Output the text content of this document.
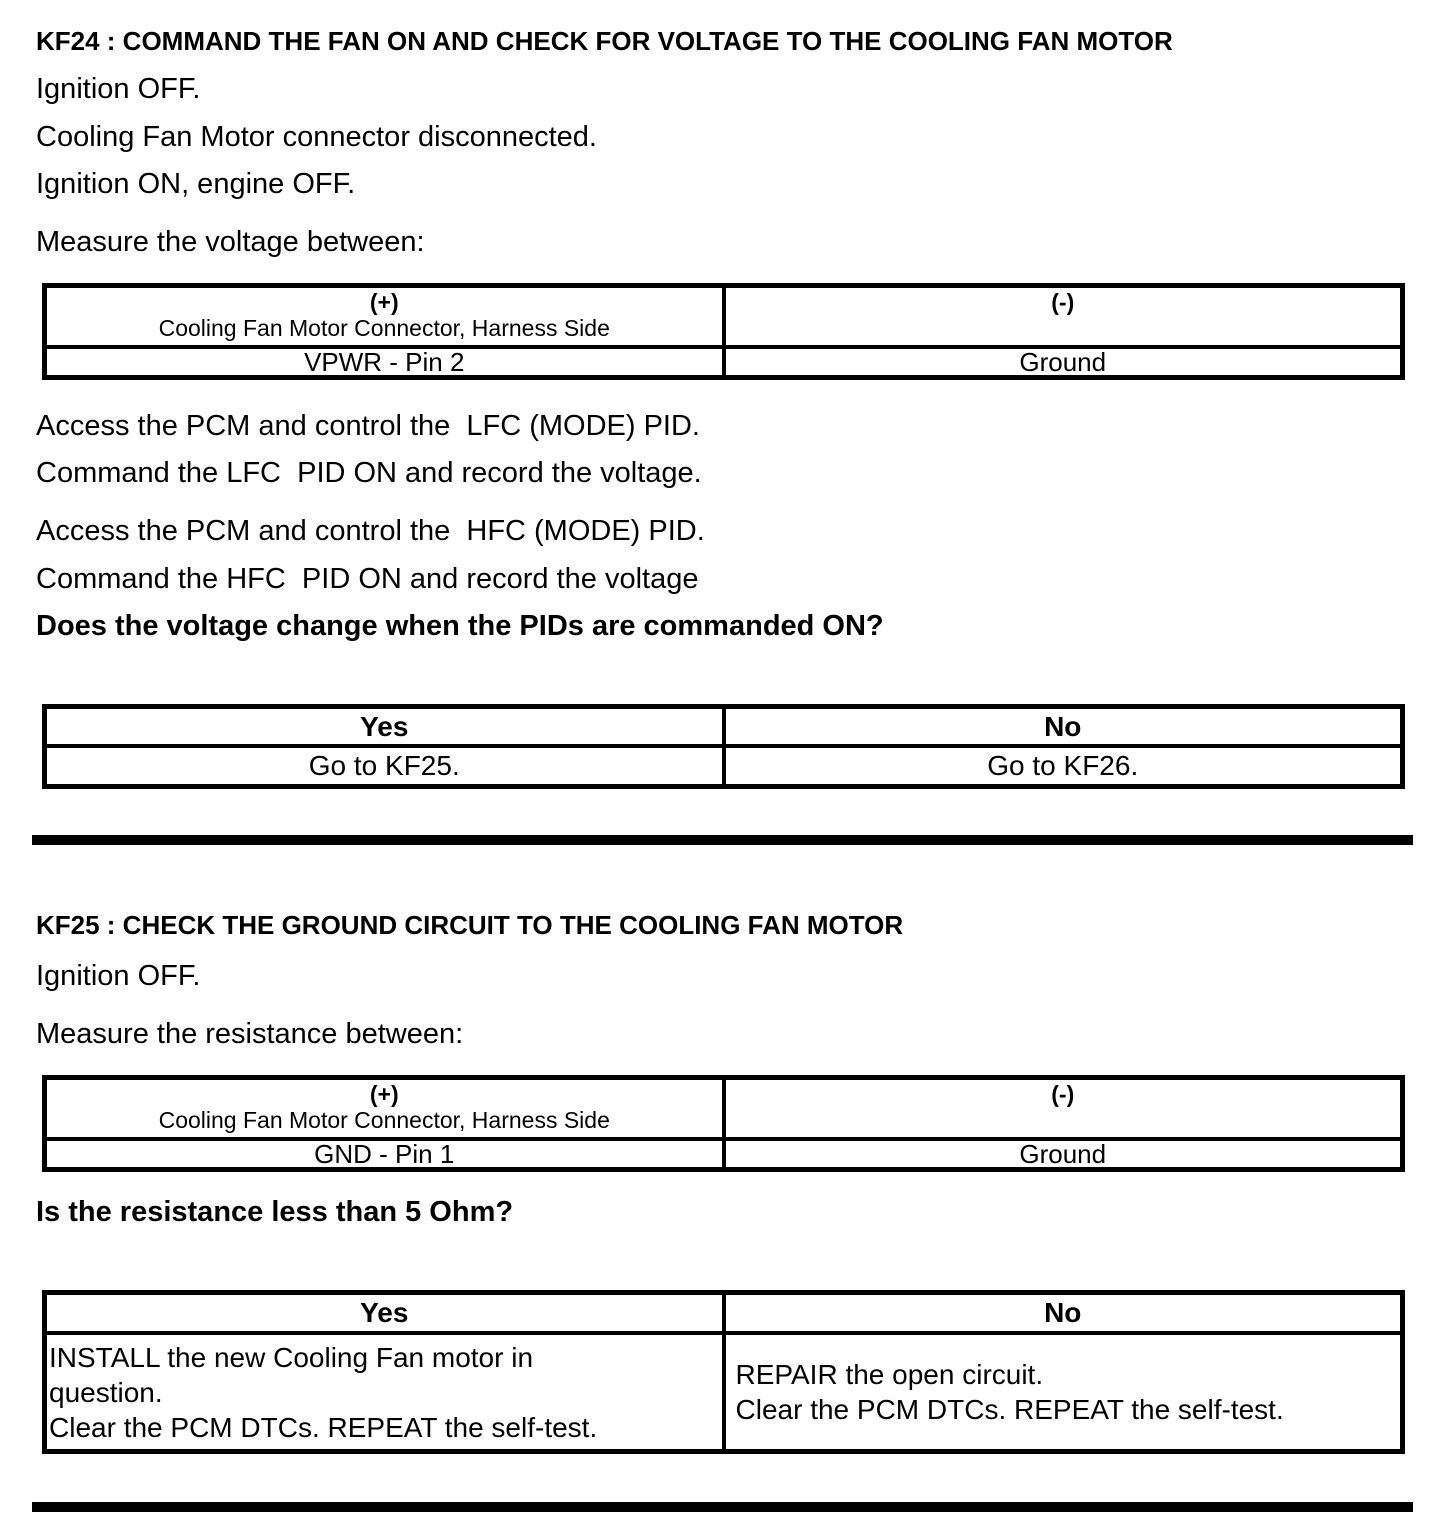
KF24 : COMMAND THE FAN ON AND CHECK FOR VOLTAGE TO THE COOLING FAN MOTOR

Ignition OFF.

Cooling Fan Motor connector disconnected.

Ignition ON, engine OFF.

Measure the voltage between:

(+)
Cooling Fan Motor Connector, Harness Side	(-)

VPWR - Pin 2	Ground

Access the PCM and control the  LFC (MODE) PID.

Command the LFC  PID ON and record the voltage.

Access the PCM and control the  HFC (MODE) PID.

Command the HFC  PID ON and record the voltage

Does the voltage change when the PIDs are commanded ON?

Yes	No
Go to KF25.	Go to KF26.
KF25 : CHECK THE GROUND CIRCUIT TO THE COOLING FAN MOTOR

Ignition OFF.

Measure the resistance between:

(+)
Cooling Fan Motor Connector, Harness Side	(-)

GND - Pin 1	Ground

Is the resistance less than 5 Ohm?

Yes	No

INSTALL the new Cooling Fan motor in
question.
Clear the PCM DTCs. REPEAT the self-test.

REPAIR the open circuit.
Clear the PCM DTCs. REPEAT the self-test.
